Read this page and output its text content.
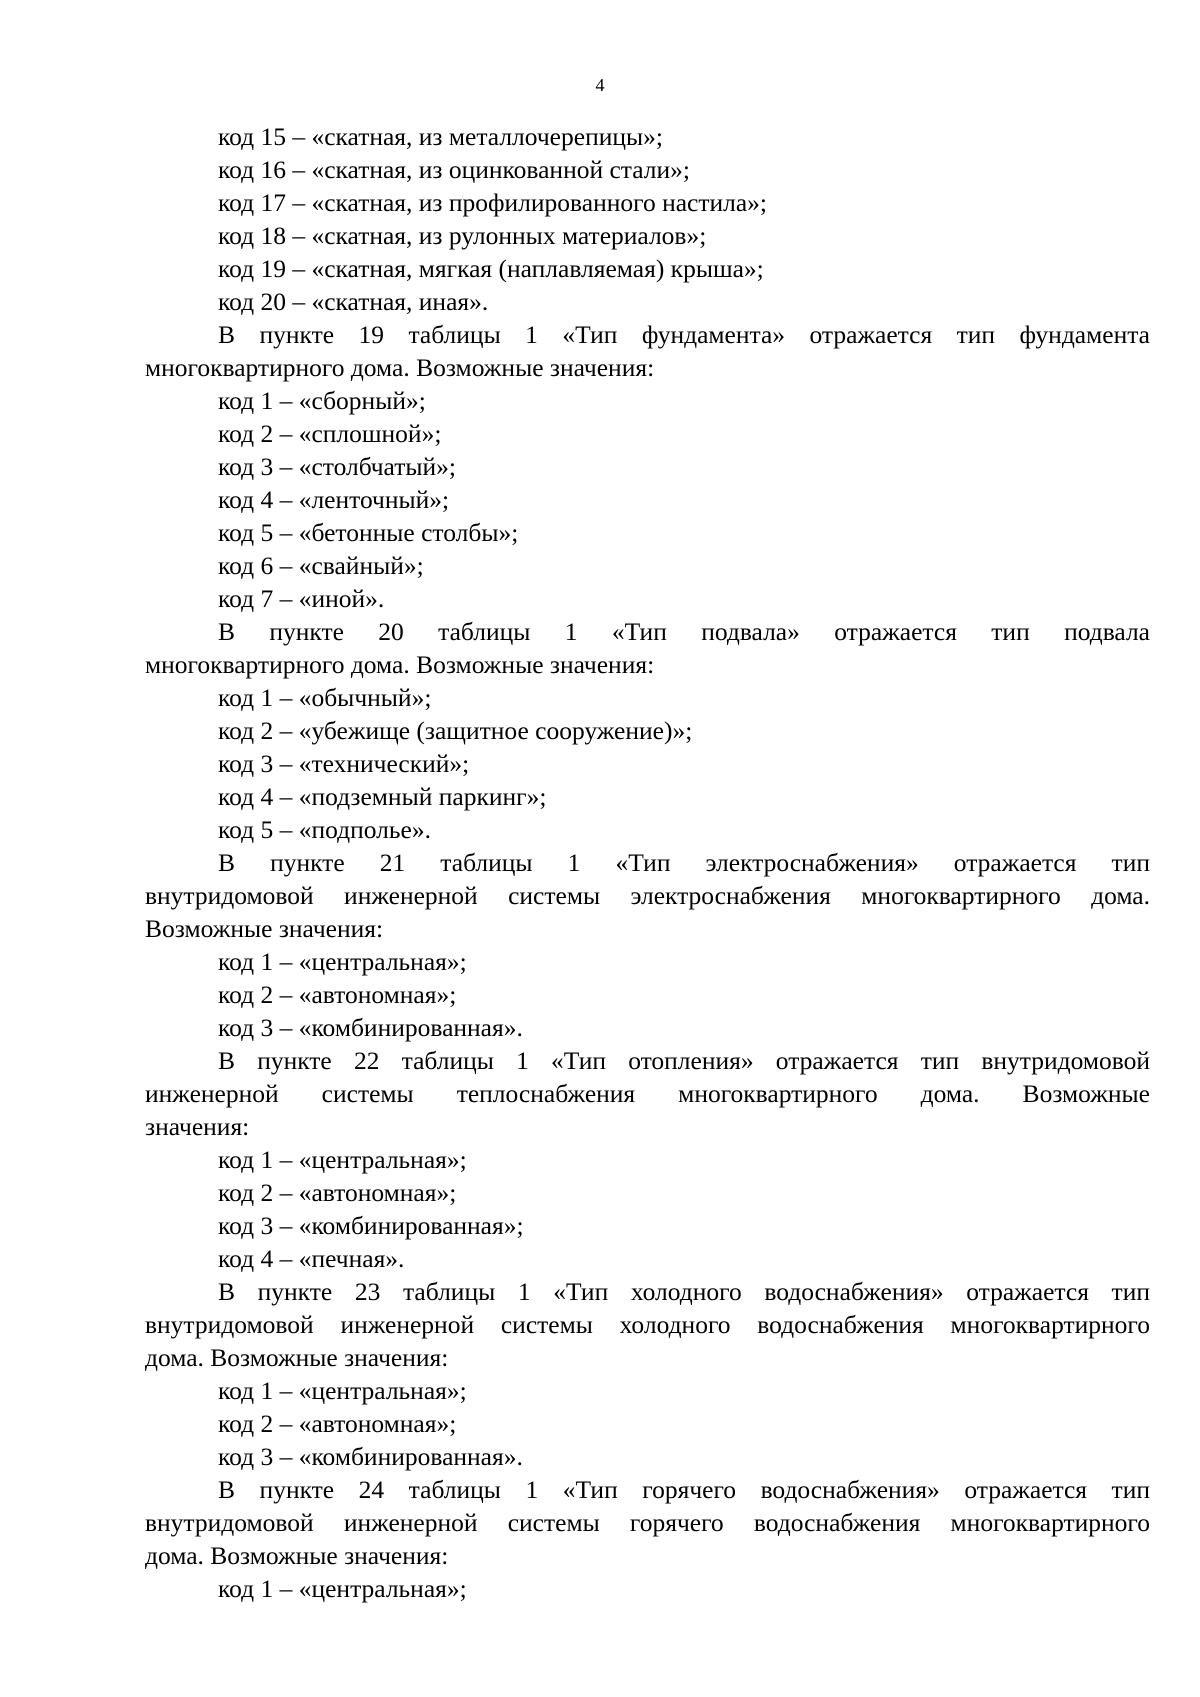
4
код 15 – «скатная, из металлочерепицы»;
код 16 – «скатная, из оцинкованной стали»;
код 17 – «скатная, из профилированного настила»;
код 18 – «скатная, из рулонных материалов»;
код 19 – «скатная, мягкая (наплавляемая) крыша»;
код 20 – «скатная, иная».
В пункте 19 таблицы 1 «Тип фундамента» отражается тип фундамента
многоквартирного дома. Возможные значения:
код 1 – «сборный»;
код 2 – «сплошной»;
код 3 – «столбчатый»;
код 4 – «ленточный»;
код 5 – «бетонные столбы»;
код 6 – «свайный»;
код 7 – «иной».
В пункте 20 таблицы 1 «Тип подвала» отражается тип подвала
многоквартирного дома. Возможные значения:
код 1 – «обычный»;
код 2 – «убежище (защитное сооружение)»;
код 3 – «технический»;
код 4 – «подземный паркинг»;
код 5 – «подполье».
В пункте 21 таблицы 1 «Тип электроснабжения» отражается тип
внутридомовой инженерной системы электроснабжения многоквартирного дома.
Возможные значения:
код 1 – «центральная»;
код 2 – «автономная»;
код 3 – «комбинированная».
В пункте 22 таблицы 1 «Тип отопления» отражается тип внутридомовой
инженерной системы теплоснабжения многоквартирного дома. Возможные
значения:
код 1 – «центральная»;
код 2 – «автономная»;
код 3 – «комбинированная»;
код 4 – «печная».
В пункте 23 таблицы 1 «Тип холодного водоснабжения» отражается тип
внутридомовой инженерной системы холодного водоснабжения многоквартирного
дома. Возможные значения:
код 1 – «центральная»;
код 2 – «автономная»;
код 3 – «комбинированная».
В пункте 24 таблицы 1 «Тип горячего водоснабжения» отражается тип
внутридомовой инженерной системы горячего водоснабжения многоквартирного
дома. Возможные значения:
код 1 – «центральная»;
